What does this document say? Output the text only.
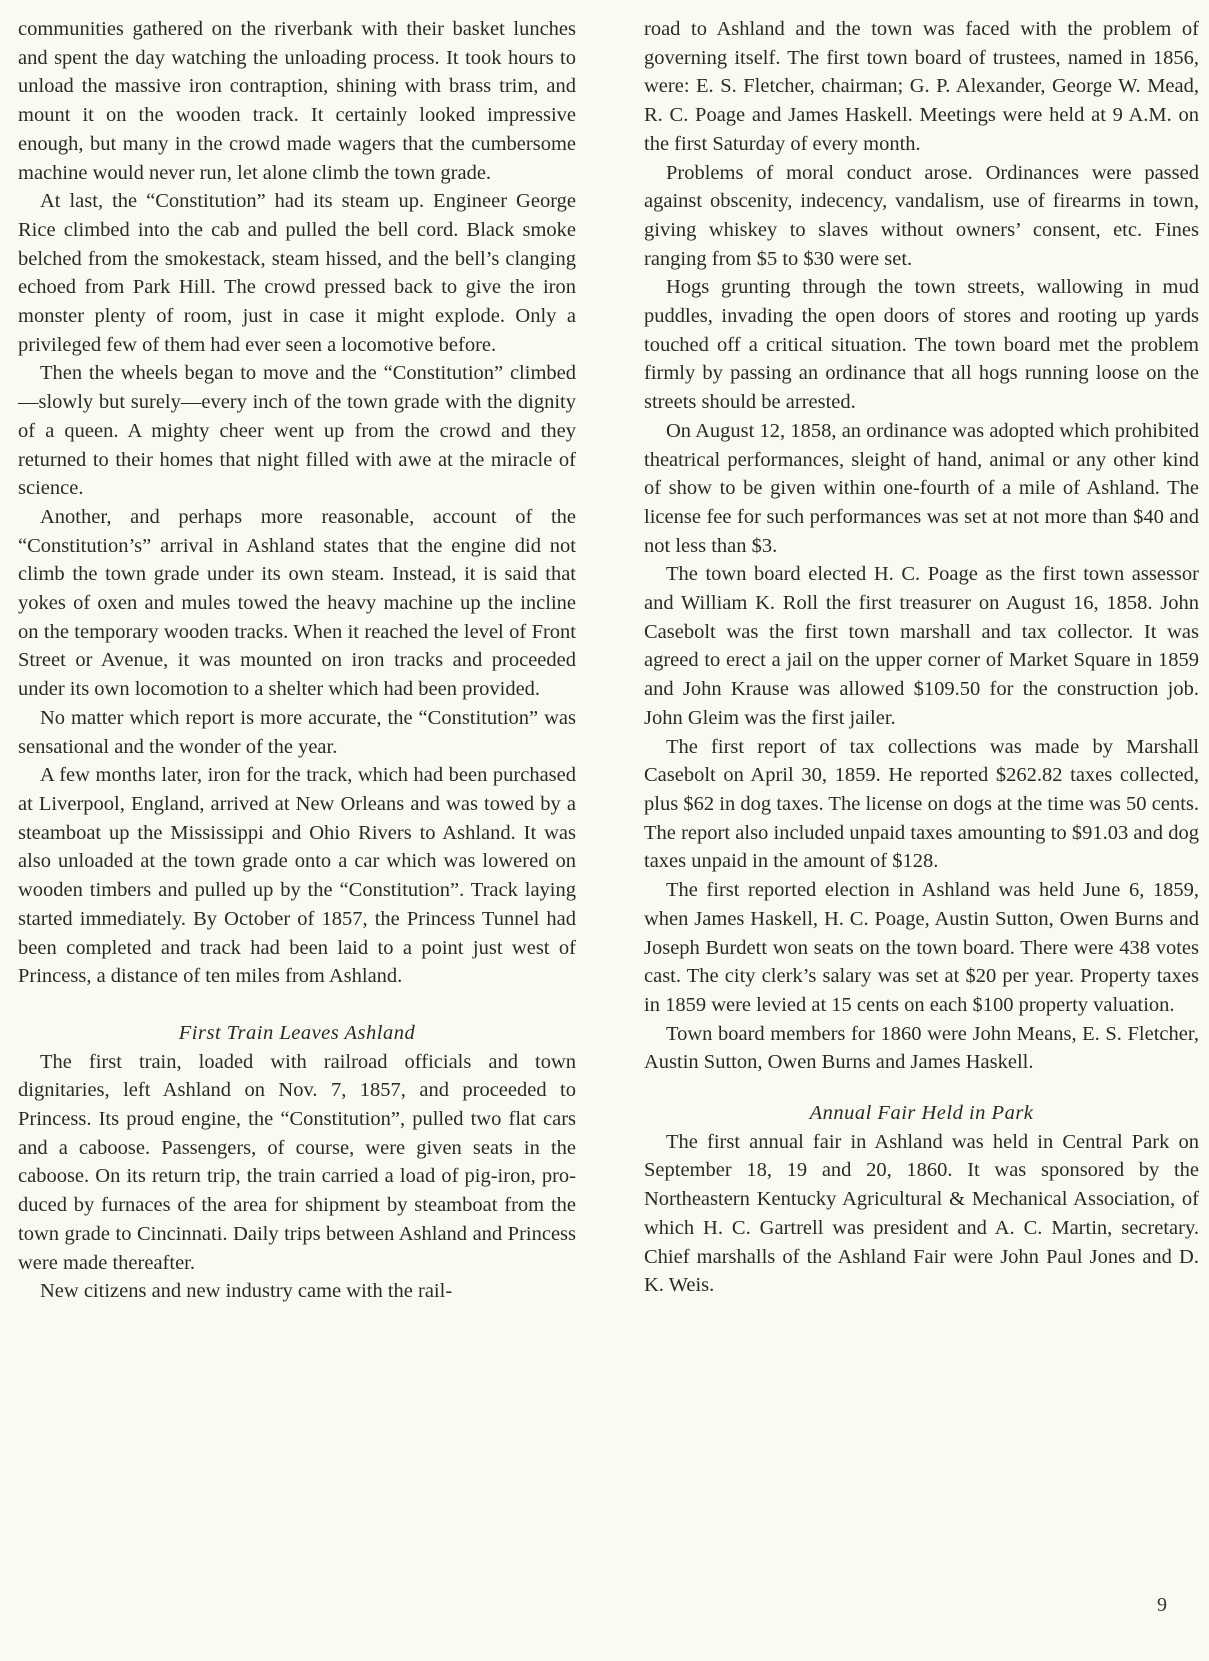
communities gathered on the riverbank with their basket lunches and spent the day watching the unloading process. It took hours to unload the massive iron contraption, shining with brass trim, and mount it on the wooden track. It certainly looked impressive enough, but many in the crowd made wagers that the cumbersome machine would never run, let alone climb the town grade.

At last, the “Constitution” had its steam up. Engineer George Rice climbed into the cab and pulled the bell cord. Black smoke belched from the smokestack, steam hissed, and the bell’s clanging echoed from Park Hill. The crowd pressed back to give the iron monster plenty of room, just in case it might explode. Only a privileged few of them had ever seen a locomotive before.

Then the wheels began to move and the “Constitution” climbed—slowly but surely—every inch of the town grade with the dignity of a queen. A mighty cheer went up from the crowd and they returned to their homes that night filled with awe at the miracle of science.

Another, and perhaps more reasonable, account of the “Constitution’s” arrival in Ashland states that the engine did not climb the town grade under its own steam. Instead, it is said that yokes of oxen and mules towed the heavy machine up the incline on the temporary wooden tracks. When it reached the level of Front Street or Avenue, it was mounted on iron tracks and proceeded under its own locomotion to a shelter which had been provided.

No matter which report is more accurate, the “Constitution” was sensational and the wonder of the year.

A few months later, iron for the track, which had been purchased at Liverpool, England, arrived at New Orleans and was towed by a steamboat up the Mississippi and Ohio Rivers to Ashland. It was also unloaded at the town grade onto a car which was lowered on wooden timbers and pulled up by the “Constitution”. Track laying started immediately. By October of 1857, the Princess Tunnel had been completed and track had been laid to a point just west of Princess, a distance of ten miles from Ashland.

First Train Leaves Ashland

The first train, loaded with railroad officials and town dignitaries, left Ashland on Nov. 7, 1857, and proceeded to Princess. Its proud engine, the “Constitution”, pulled two flat cars and a caboose. Passengers, of course, were given seats in the caboose. On its return trip, the train carried a load of pig-iron, produced by furnaces of the area for shipment by steamboat from the town grade to Cincinnati. Daily trips between Ashland and Princess were made thereafter.

New citizens and new industry came with the rail-

road to Ashland and the town was faced with the problem of governing itself. The first town board of trustees, named in 1856, were: E. S. Fletcher, chairman; G. P. Alexander, George W. Mead, R. C. Poage and James Haskell. Meetings were held at 9 A.M. on the first Saturday of every month.

Problems of moral conduct arose. Ordinances were passed against obscenity, indecency, vandalism, use of firearms in town, giving whiskey to slaves without owners’ consent, etc. Fines ranging from $5 to $30 were set.

Hogs grunting through the town streets, wallowing in mud puddles, invading the open doors of stores and rooting up yards touched off a critical situation. The town board met the problem firmly by passing an ordinance that all hogs running loose on the streets should be arrested.

On August 12, 1858, an ordinance was adopted which prohibited theatrical performances, sleight of hand, animal or any other kind of show to be given within one-fourth of a mile of Ashland. The license fee for such performances was set at not more than $40 and not less than $3.

The town board elected H. C. Poage as the first town assessor and William K. Roll the first treasurer on August 16, 1858. John Casebolt was the first town marshall and tax collector. It was agreed to erect a jail on the upper corner of Market Square in 1859 and John Krause was allowed $109.50 for the construction job. John Gleim was the first jailer.

The first report of tax collections was made by Marshall Casebolt on April 30, 1859. He reported $262.82 taxes collected, plus $62 in dog taxes. The license on dogs at the time was 50 cents. The report also included unpaid taxes amounting to $91.03 and dog taxes unpaid in the amount of $128.

The first reported election in Ashland was held June 6, 1859, when James Haskell, H. C. Poage, Austin Sutton, Owen Burns and Joseph Burdett won seats on the town board. There were 438 votes cast. The city clerk’s salary was set at $20 per year. Property taxes in 1859 were levied at 15 cents on each $100 property valuation.

Town board members for 1860 were John Means, E. S. Fletcher, Austin Sutton, Owen Burns and James Haskell.

Annual Fair Held in Park

The first annual fair in Ashland was held in Central Park on September 18, 19 and 20, 1860. It was sponsored by the Northeastern Kentucky Agricultural & Mechanical Association, of which H. C. Gartrell was president and A. C. Martin, secretary. Chief marshalls of the Ashland Fair were John Paul Jones and D. K. Weis.

9
